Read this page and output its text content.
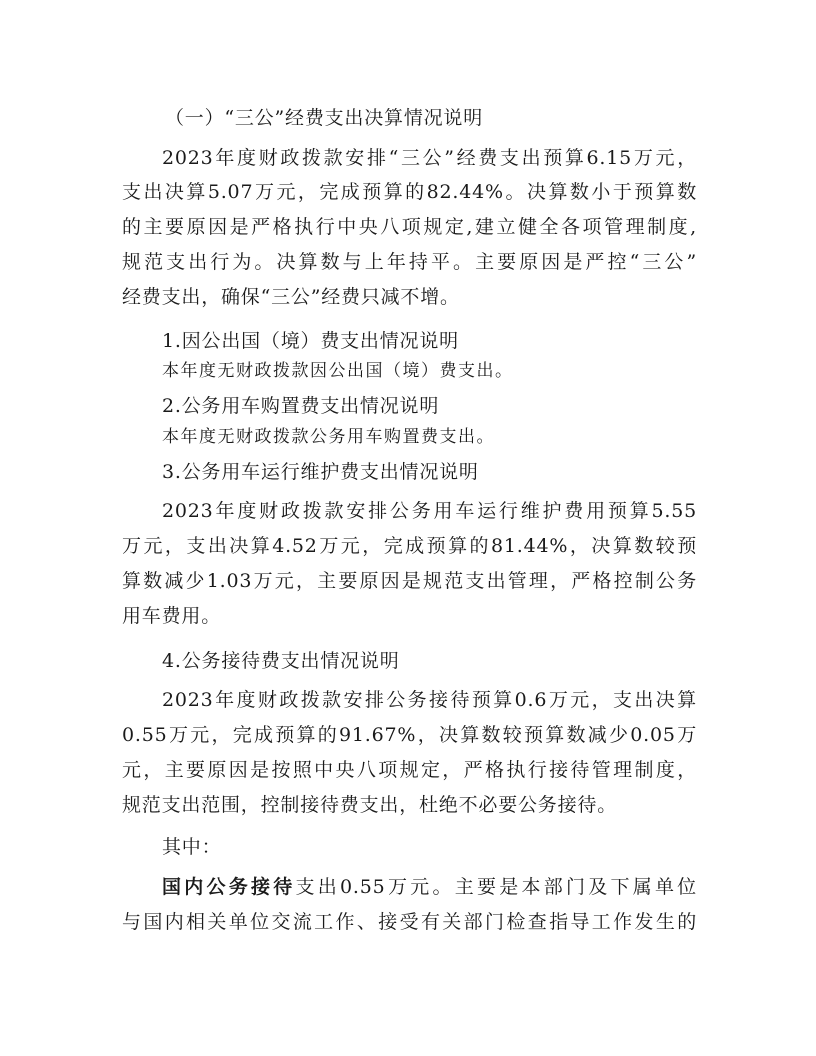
（一）“三公”经费支出决算情况说明
2023年度财政拨款安排“三公”经费支出预算6.15万元，
支出决算5.07万元，完成预算的82.44%。决算数小于预算数
的主要原因是严格执行中央八项规定,建立健全各项管理制度,
规范支出行为。决算数与上年持平。主要原因是严控“三公”
经费支出，确保“三公”经费只减不增。
1.因公出国（境）费支出情况说明
本年度无财政拨款因公出国（境）费支出。
2.公务用车购置费支出情况说明
本年度无财政拨款公务用车购置费支出。
3.公务用车运行维护费支出情况说明
2023年度财政拨款安排公务用车运行维护费用预算5.55
万元，支出决算4.52万元，完成预算的81.44%，决算数较预
算数减少1.03万元，主要原因是规范支出管理，严格控制公务
用车费用。
4.公务接待费支出情况说明
2023年度财政拨款安排公务接待预算0.6万元，支出决算
0.55万元，完成预算的91.67%，决算数较预算数减少0.05万
元，主要原因是按照中央八项规定，严格执行接待管理制度，
规范支出范围，控制接待费支出，杜绝不必要公务接待。
其中：
国内公务接待支出0.55万元。主要是本部门及下属单位
与国内相关单位交流工作、接受有关部门检查指导工作发生的
